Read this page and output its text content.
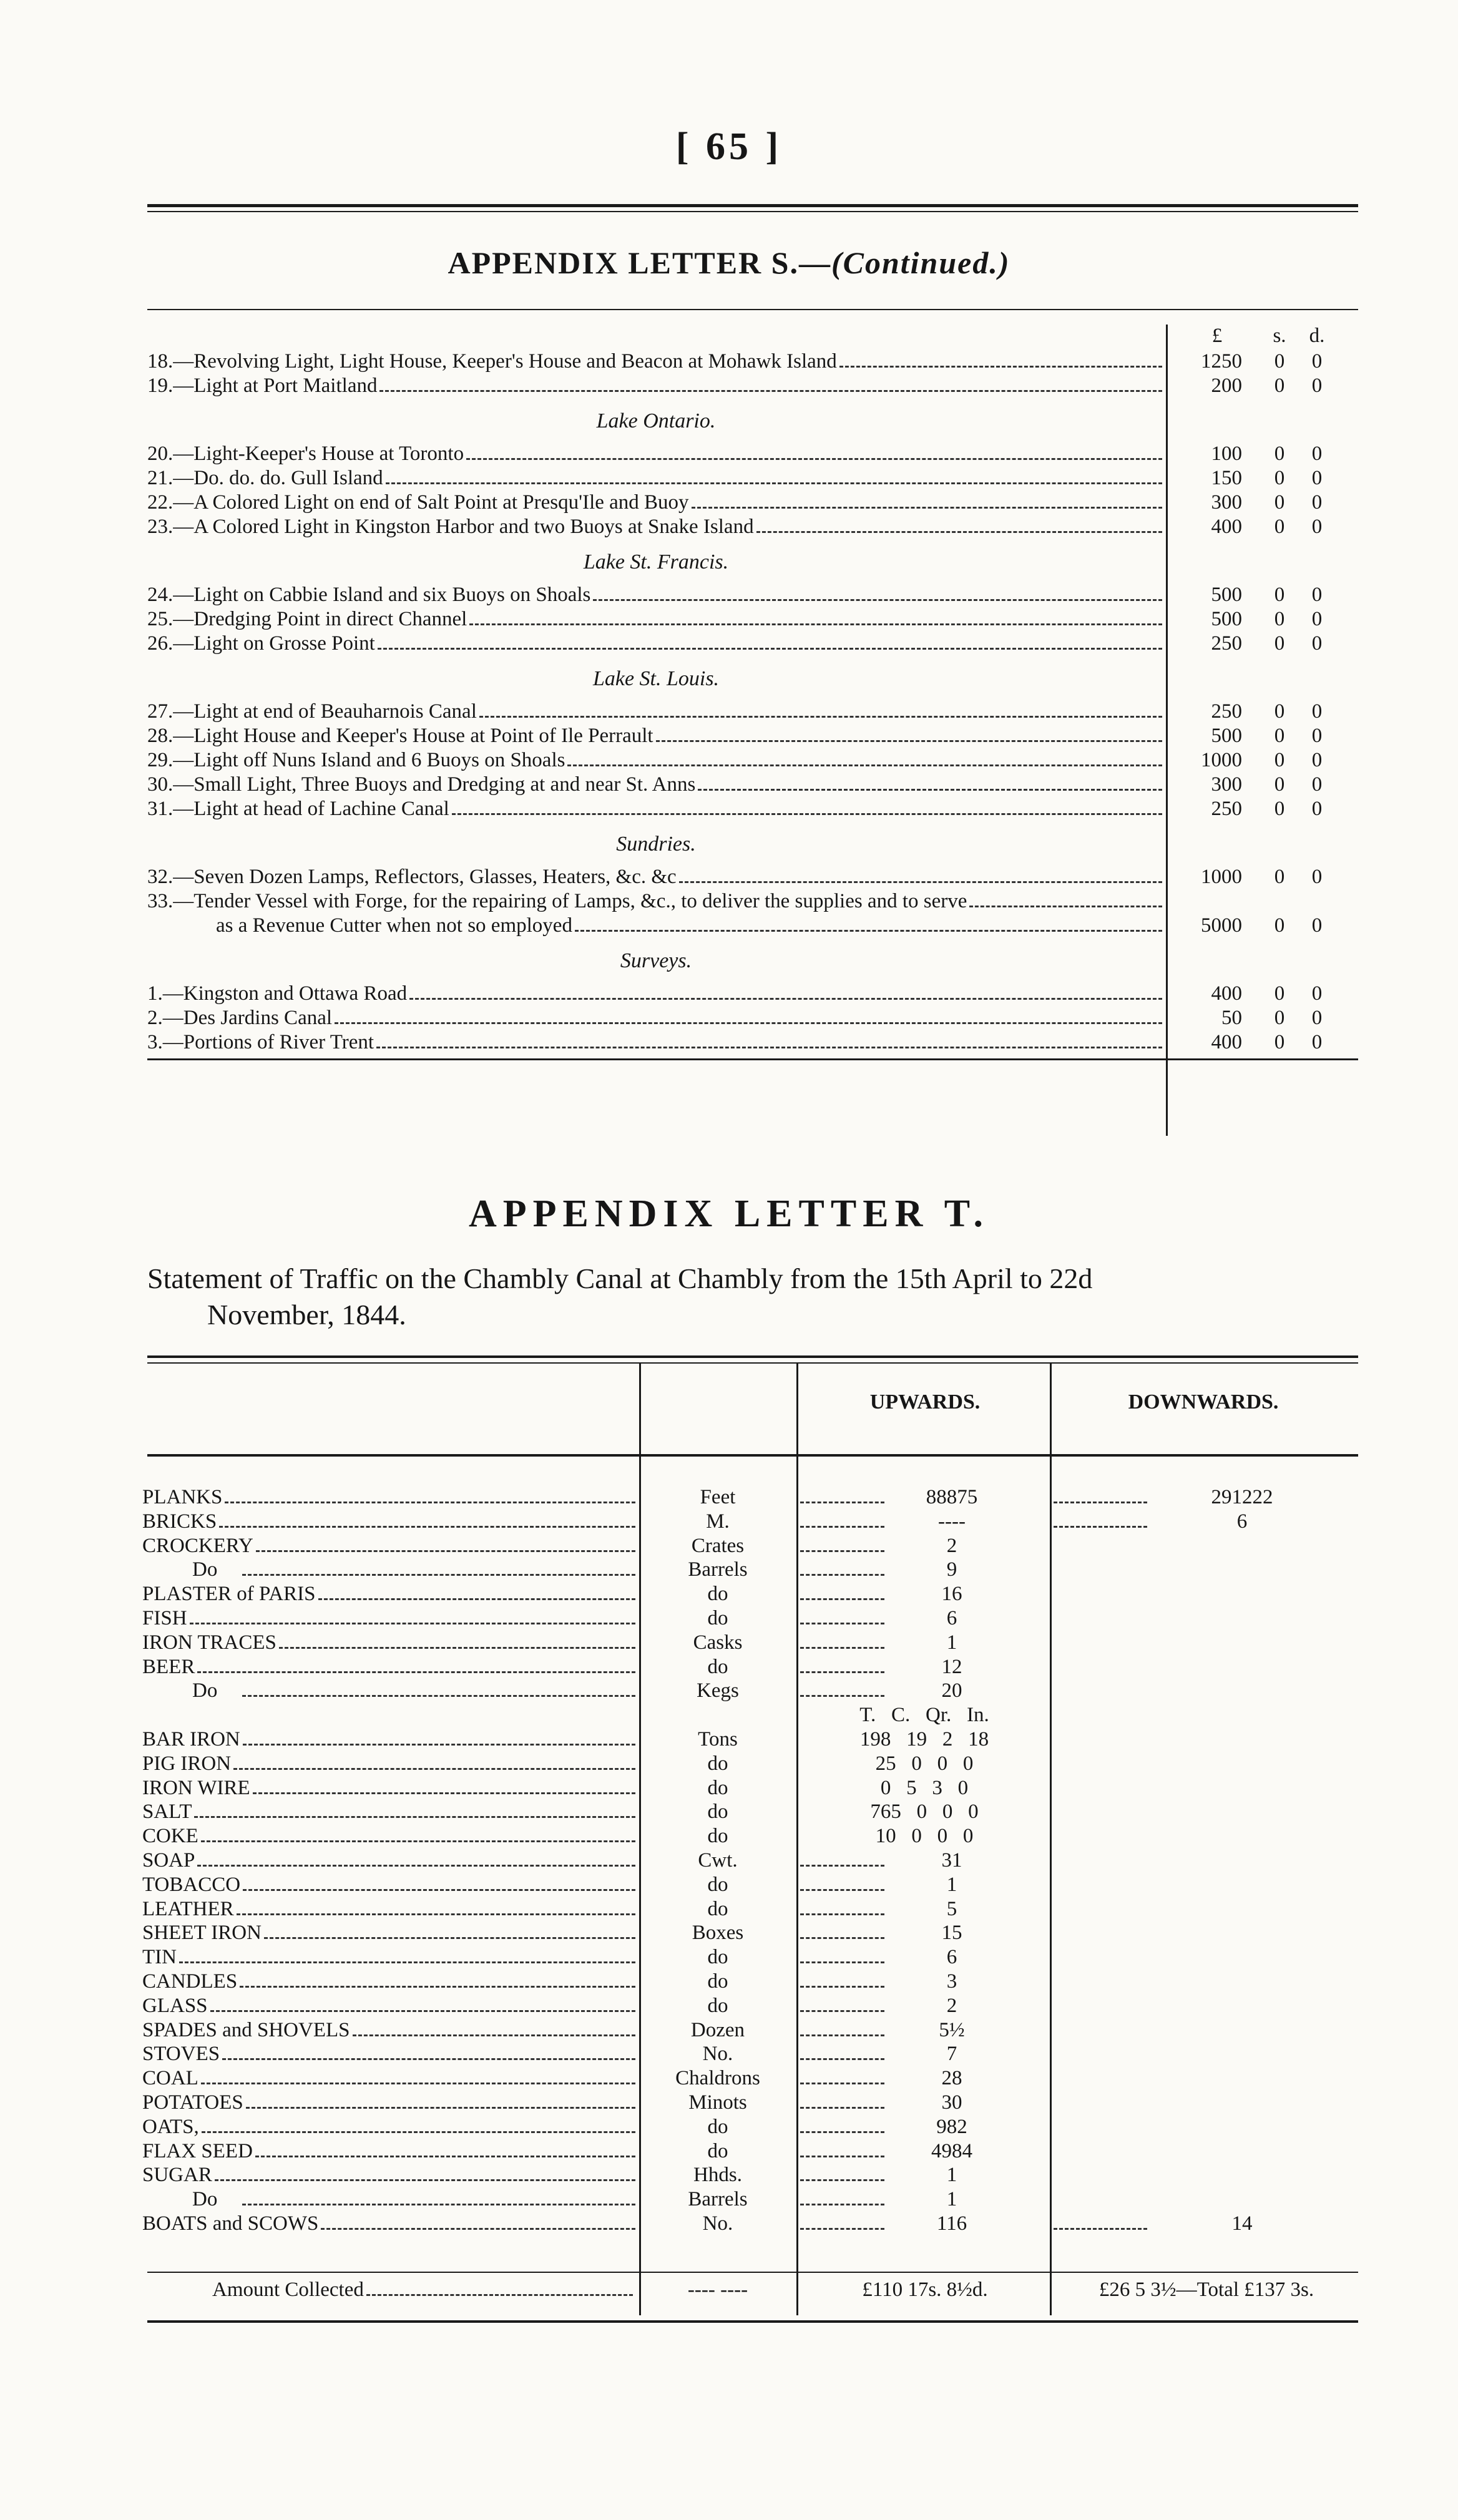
[ 65 ]
APPENDIX LETTER S.—(Continued.)
£	s.	d.
18.—Revolving Light, Light House, Keeper's House and Beacon at Mohawk Island	1250	0	0
19.—Light at Port Maitland	200	0	0
Lake Ontario.
20.—Light-Keeper's House at Toronto	100	0	0
21.—Do. do. do. Gull Island	150	0	0
22.—A Colored Light on end of Salt Point at Presqu'Ile and Buoy	300	0	0
23.—A Colored Light in Kingston Harbor and two Buoys at Snake Island	400	0	0
Lake St. Francis.
24.—Light on Cabbie Island and six Buoys on Shoals	500	0	0
25.—Dredging Point in direct Channel	500	0	0
26.—Light on Grosse Point	250	0	0
Lake St. Louis.
27.—Light at end of Beauharnois Canal	250	0	0
28.—Light House and Keeper's House at Point of Ile Perrault	500	0	0
29.—Light off Nuns Island and 6 Buoys on Shoals	1000	0	0
30.—Small Light, Three Buoys and Dredging at and near St. Anns	300	0	0
31.—Light at head of Lachine Canal	250	0	0
Sundries.
32.—Seven Dozen Lamps, Reflectors, Glasses, Heaters, &c. &c	1000	0	0
33.—Tender Vessel with Forge, for the repairing of Lamps, &c., to deliver the supplies and to serve
as a Revenue Cutter when not so employed	5000	0	0
Surveys.
1.—Kingston and Ottawa Road	400	0	0
2.—Des Jardins Canal	50	0	0
3.—Portions of River Trent	400	0	0
APPENDIX LETTER T.
Statement of Traffic on the Chambly Canal at Chambly from the 15th April to 22d
November, 1844.
UPWARDS.	DOWNWARDS.
PLANKS	Feet	88875	291222
BRICKS	M.	----	6
CROCKERY	Crates	2
Do	Barrels	9
PLASTER of PARIS	do	16
FISH	do	6
IRON TRACES	Casks	1
BEER	do	12
Do	Kegs	20
T.   C.   Qr.   In.
BAR IRON	Tons	198   19   2   18
PIG IRON	do	25   0   0   0
IRON WIRE	do	0   5   3   0
SALT	do	765   0   0   0
COKE	do	10   0   0   0
SOAP	Cwt.	31
TOBACCO	do	1
LEATHER	do	5
SHEET IRON	Boxes	15
TIN	do	6
CANDLES	do	3
GLASS	do	2
SPADES and SHOVELS	Dozen	5½
STOVES	No.	7
COAL	Chaldrons	28
POTATOES	Minots	30
OATS,	do	982
FLAX SEED	do	4984
SUGAR	Hhds.	1
Do	Barrels	1
BOATS and SCOWS	No.	116	14
Amount Collected	---- ----	£110 17s. 8½d.	£26 5 3½—Total £137 3s.
